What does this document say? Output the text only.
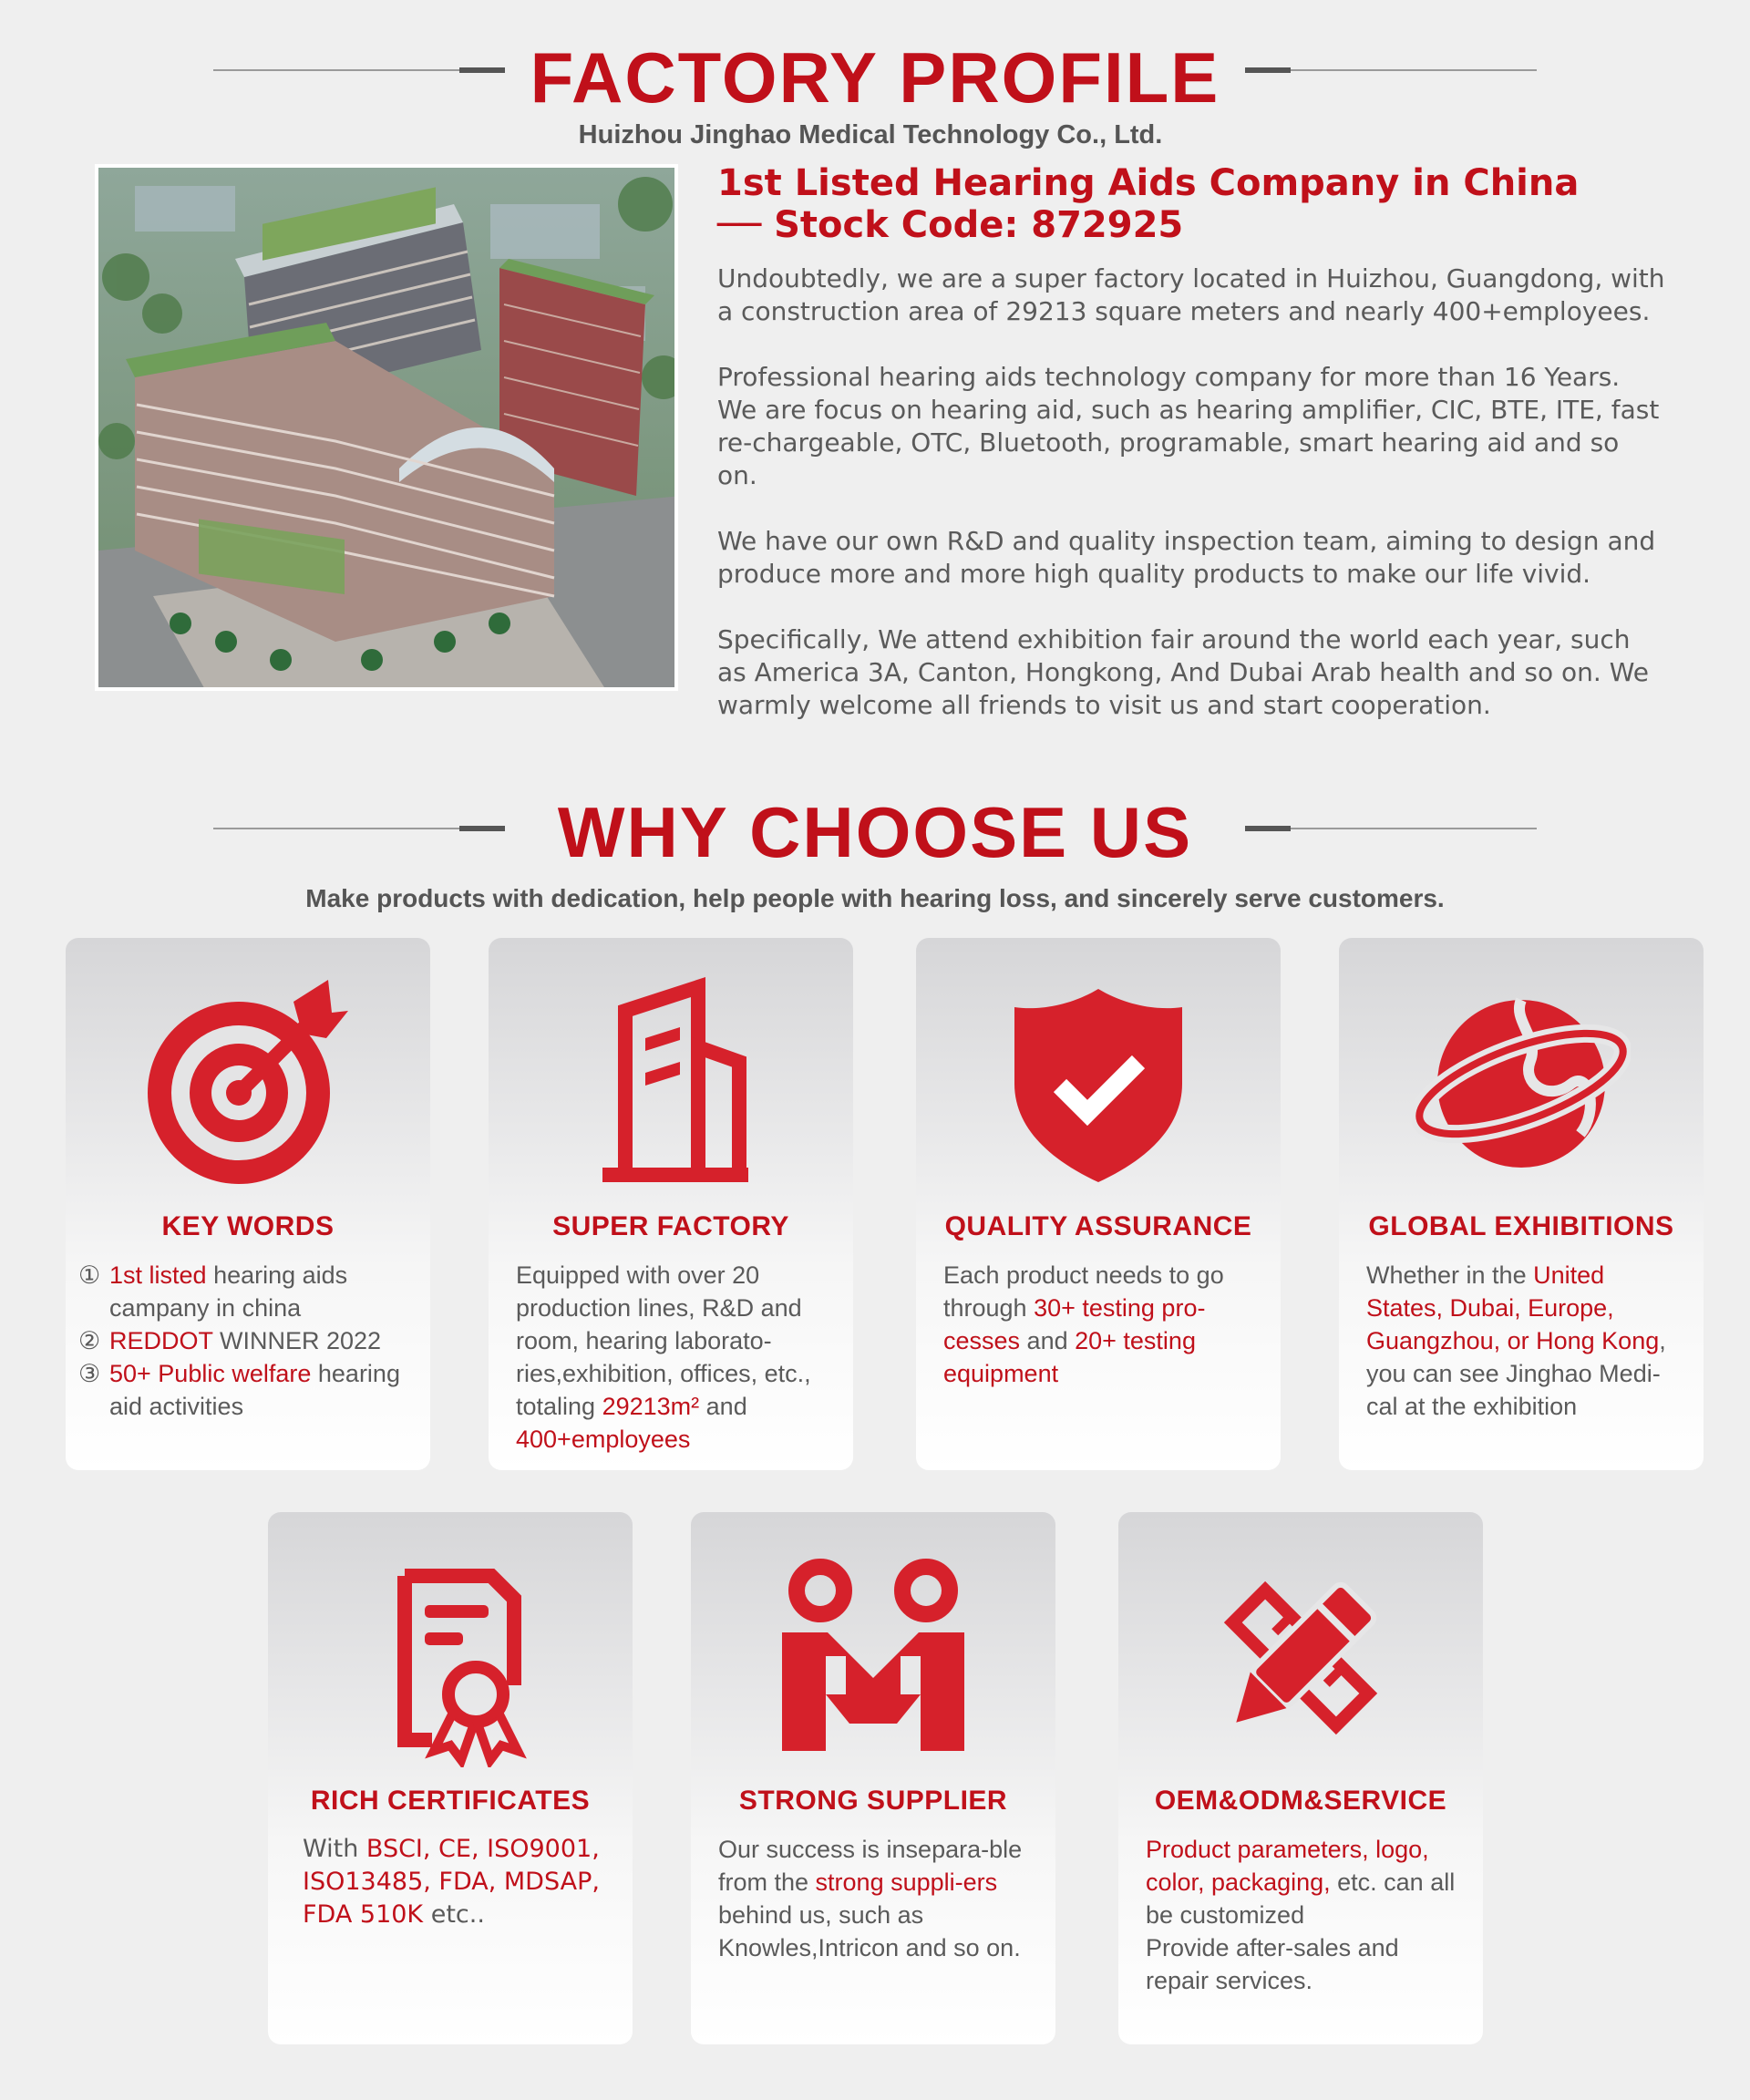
FACTORY PROFILE
Huizhou Jinghao Medical Technology Co., Ltd.
1st Listed Hearing Aids Company in China
── Stock Code: 872925
Undoubtedly, we are a super factory located in Huizhou, Guangdong, with a construction area of 29213 square meters and nearly 400+employees.
Professional hearing aids technology company for more than 16 Years. We are focus on hearing aid, such as hearing amplifier, CIC, BTE, ITE, fast re-chargeable, OTC, Bluetooth, programable, smart hearing aid and so on.
We have our own R&D and quality inspection team, aiming to design and produce more and more high quality products to make our life vivid.
Specifically, We attend exhibition fair around the world each year, such as America 3A, Canton, Hongkong, And Dubai Arab health and so on. We warmly welcome all friends to visit us and start cooperation.
WHY CHOOSE US
Make products with dedication, help people with hearing loss, and sincerely serve customers.
KEY WORDS
① 1st listed hearing aids campany in china
② REDDOT WINNER 2022
③ 50+ Public welfare hearing aid activities
SUPER FACTORY
Equipped with over 20 production lines, R&D and room, hearing laborato-ries,exhibition, offices, etc., totaling 29213m² and
400+employees
QUALITY ASSURANCE
Each product needs to go through 30+ testing pro-cesses and 20+ testing equipment
GLOBAL EXHIBITIONS
Whether in the United States, Dubai, Europe, Guangzhou, or Hong Kong, you can see Jinghao Medi-cal at the exhibition
RICH CERTIFICATES
With BSCI, CE, ISO9001, ISO13485, FDA, MDSAP, FDA 510K etc..
STRONG SUPPLIER
Our success is insepara-ble from the strong suppli-ers behind us, such as Knowles,Intricon and so on.
OEM&ODM&SERVICE
Product parameters, logo, color, packaging, etc. can all be customized
Provide after-sales and repair services.
